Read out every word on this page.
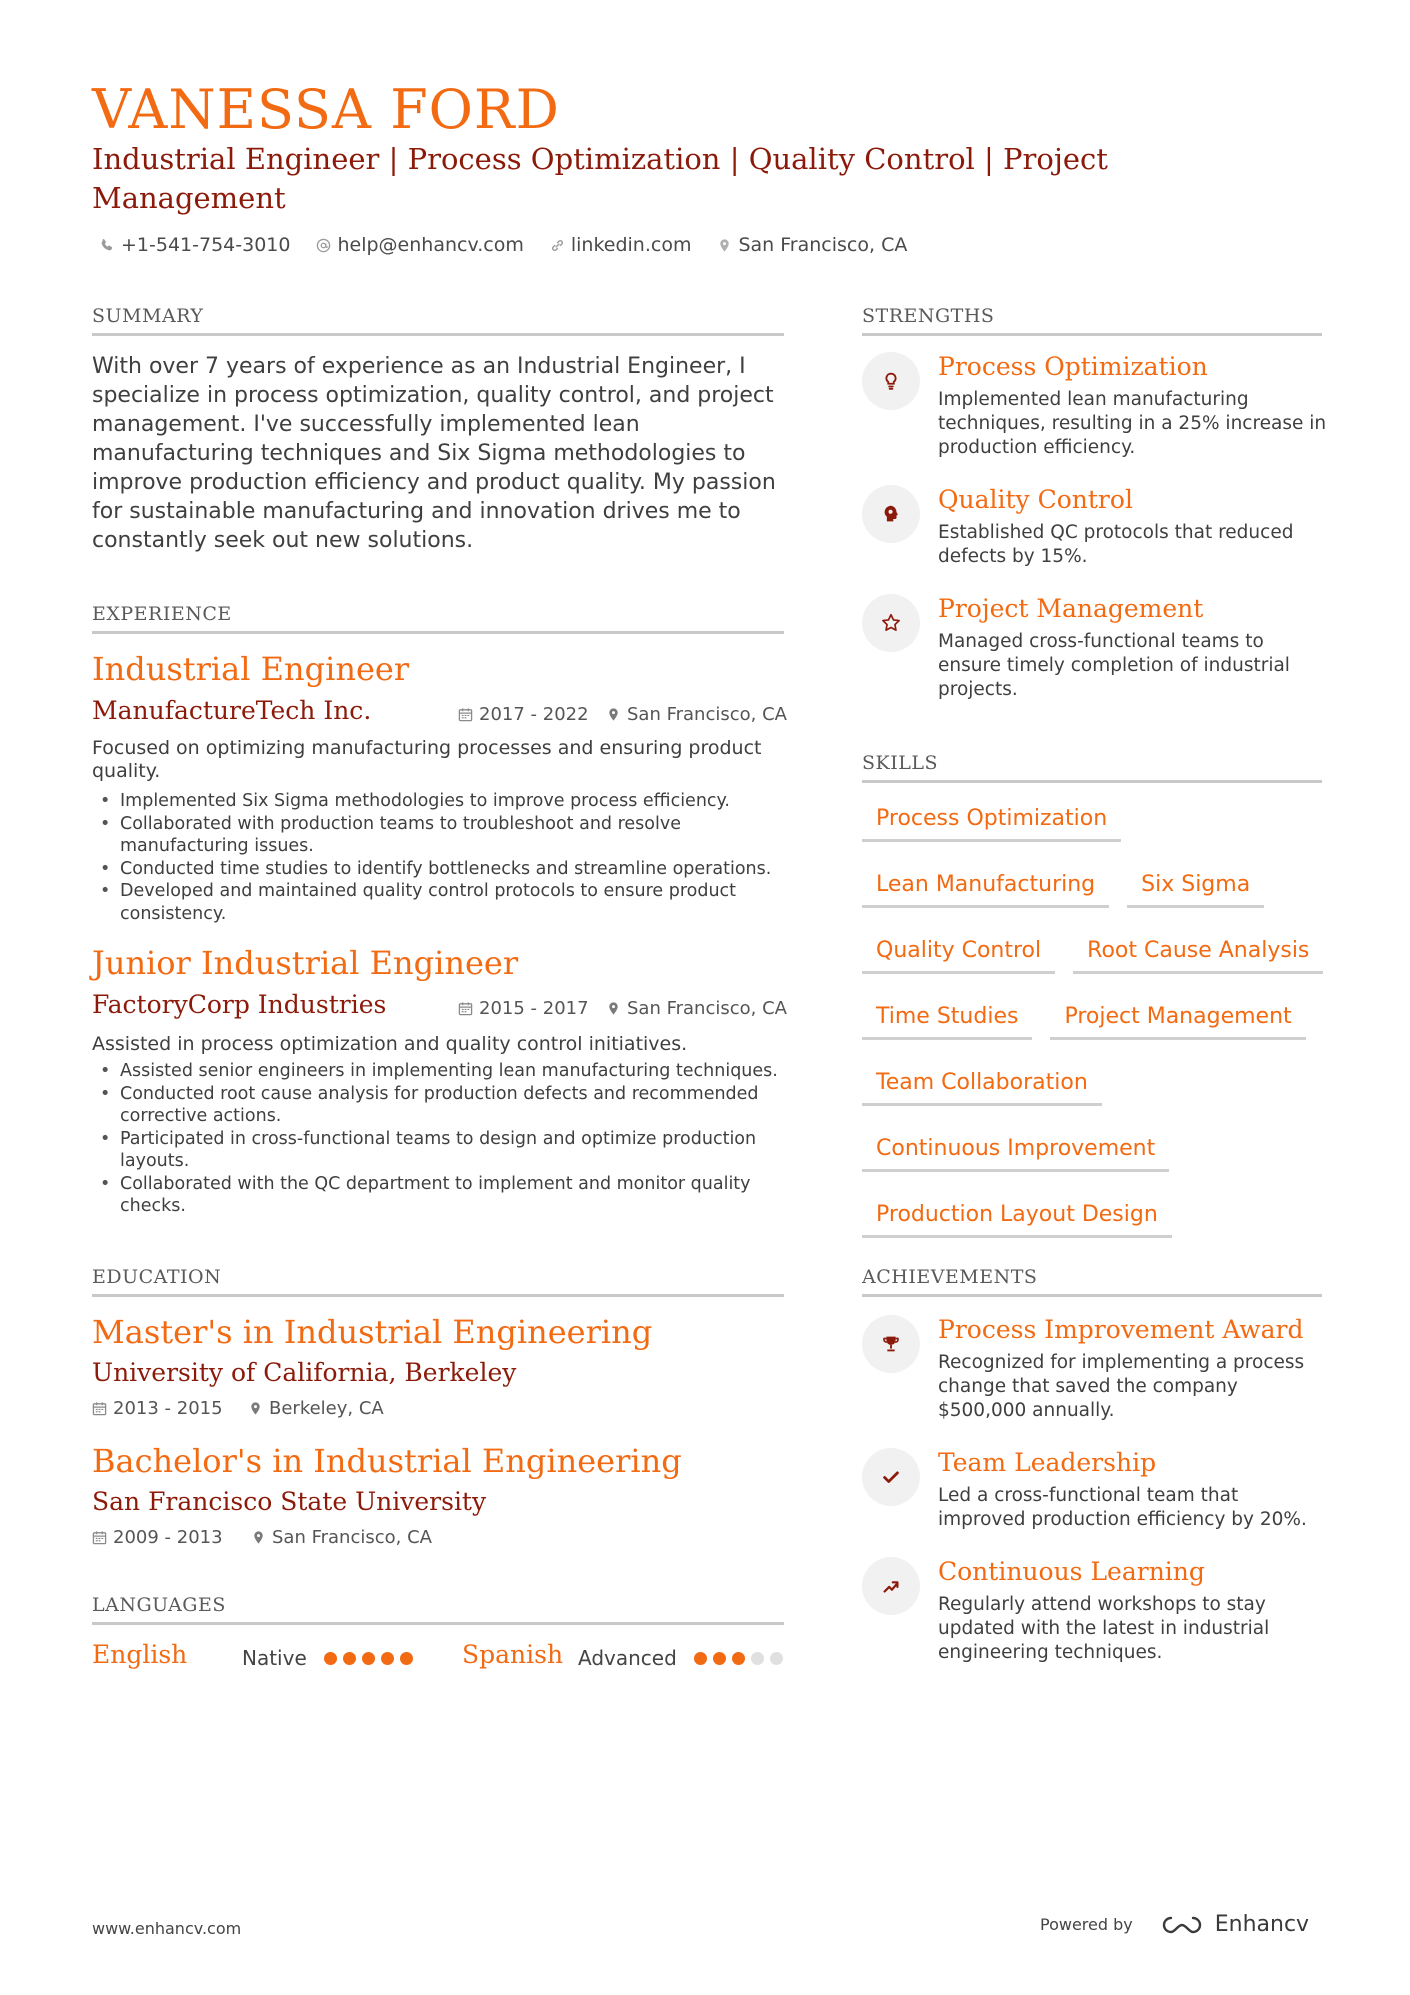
VANESSA FORD
Industrial Engineer | Process Optimization | Quality Control | Project Management
+1-541-754-3010 help@enhancv.com linkedin.com San Francisco, CA
SUMMARY
With over 7 years of experience as an Industrial Engineer, I specialize in process optimization, quality control, and project management. I've successfully implemented lean manufacturing techniques and Six Sigma methodologies to improve production efficiency and product quality. My passion for sustainable manufacturing and innovation drives me to constantly seek out new solutions.
EXPERIENCE
Industrial Engineer
ManufactureTech Inc.	2017 - 2022 San Francisco, CA
Focused on optimizing manufacturing processes and ensuring product quality.
• Implemented Six Sigma methodologies to improve process efficiency.
• Collaborated with production teams to troubleshoot and resolve manufacturing issues.
• Conducted time studies to identify bottlenecks and streamline operations.
• Developed and maintained quality control protocols to ensure product consistency.
Junior Industrial Engineer
FactoryCorp Industries	2015 - 2017 San Francisco, CA
Assisted in process optimization and quality control initiatives.
• Assisted senior engineers in implementing lean manufacturing techniques.
• Conducted root cause analysis for production defects and recommended corrective actions.
• Participated in cross-functional teams to design and optimize production layouts.
• Collaborated with the QC department to implement and monitor quality checks.
EDUCATION
Master's in Industrial Engineering
University of California, Berkeley
2013 - 2015	Berkeley, CA
Bachelor's in Industrial Engineering
San Francisco State University
2009 - 2013	San Francisco, CA
LANGUAGES
English	Native	Spanish Advanced
STRENGTHS
Process Optimization
Implemented lean manufacturing techniques, resulting in a 25% increase in production efficiency.
Quality Control
Established QC protocols that reduced defects by 15%.
Project Management
Managed cross-functional teams to ensure timely completion of industrial projects.
SKILLS
Process Optimization
Lean Manufacturing	Six Sigma
Quality Control	Root Cause Analysis
Time Studies	Project Management
Team Collaboration
Continuous Improvement
Production Layout Design
ACHIEVEMENTS
Process Improvement Award
Recognized for implementing a process change that saved the company $500,000 annually.
Team Leadership
Led a cross-functional team that improved production efficiency by 20%.
Continuous Learning
Regularly attend workshops to stay updated with the latest in industrial engineering techniques.
www.enhancv.com	Powered by	Enhancv
